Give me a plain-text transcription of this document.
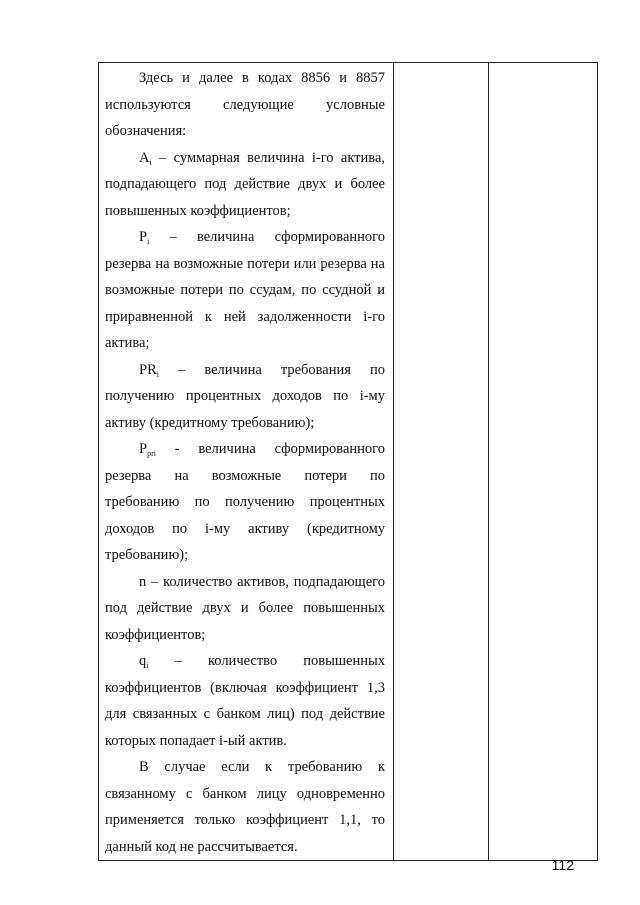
Здесь и далее в кодах 8856 и 8857 используются следующие условные обозначения:

$A_i$ – суммарная величина i-го актива, подпадающего под действие двух и более повышенных коэффициентов;

$P_i$ – величина сформированного резерва на возможные потери или резерва на возможные потери по ссудам, по ссудной и приравненной к ней задолженности i-го актива;

$PR_i$ – величина требования по получению процентных доходов по i-му активу (кредитному требованию);

$P_{pri}$ - величина сформированного резерва на возможные потери по требованию по получению процентных доходов по i-му активу (кредитному требованию);

n – количество активов, подпадающего под действие двух и более повышенных коэффициентов;

$q_i$ – количество повышенных коэффициентов (включая коэффициент 1,3 для связанных с банком лиц) под действие которых попадает i-ый актив.

В случае если к требованию к связанному с банком лицу одновременно применяется только коэффициент 1,1, то данный код не рассчитывается.

112
